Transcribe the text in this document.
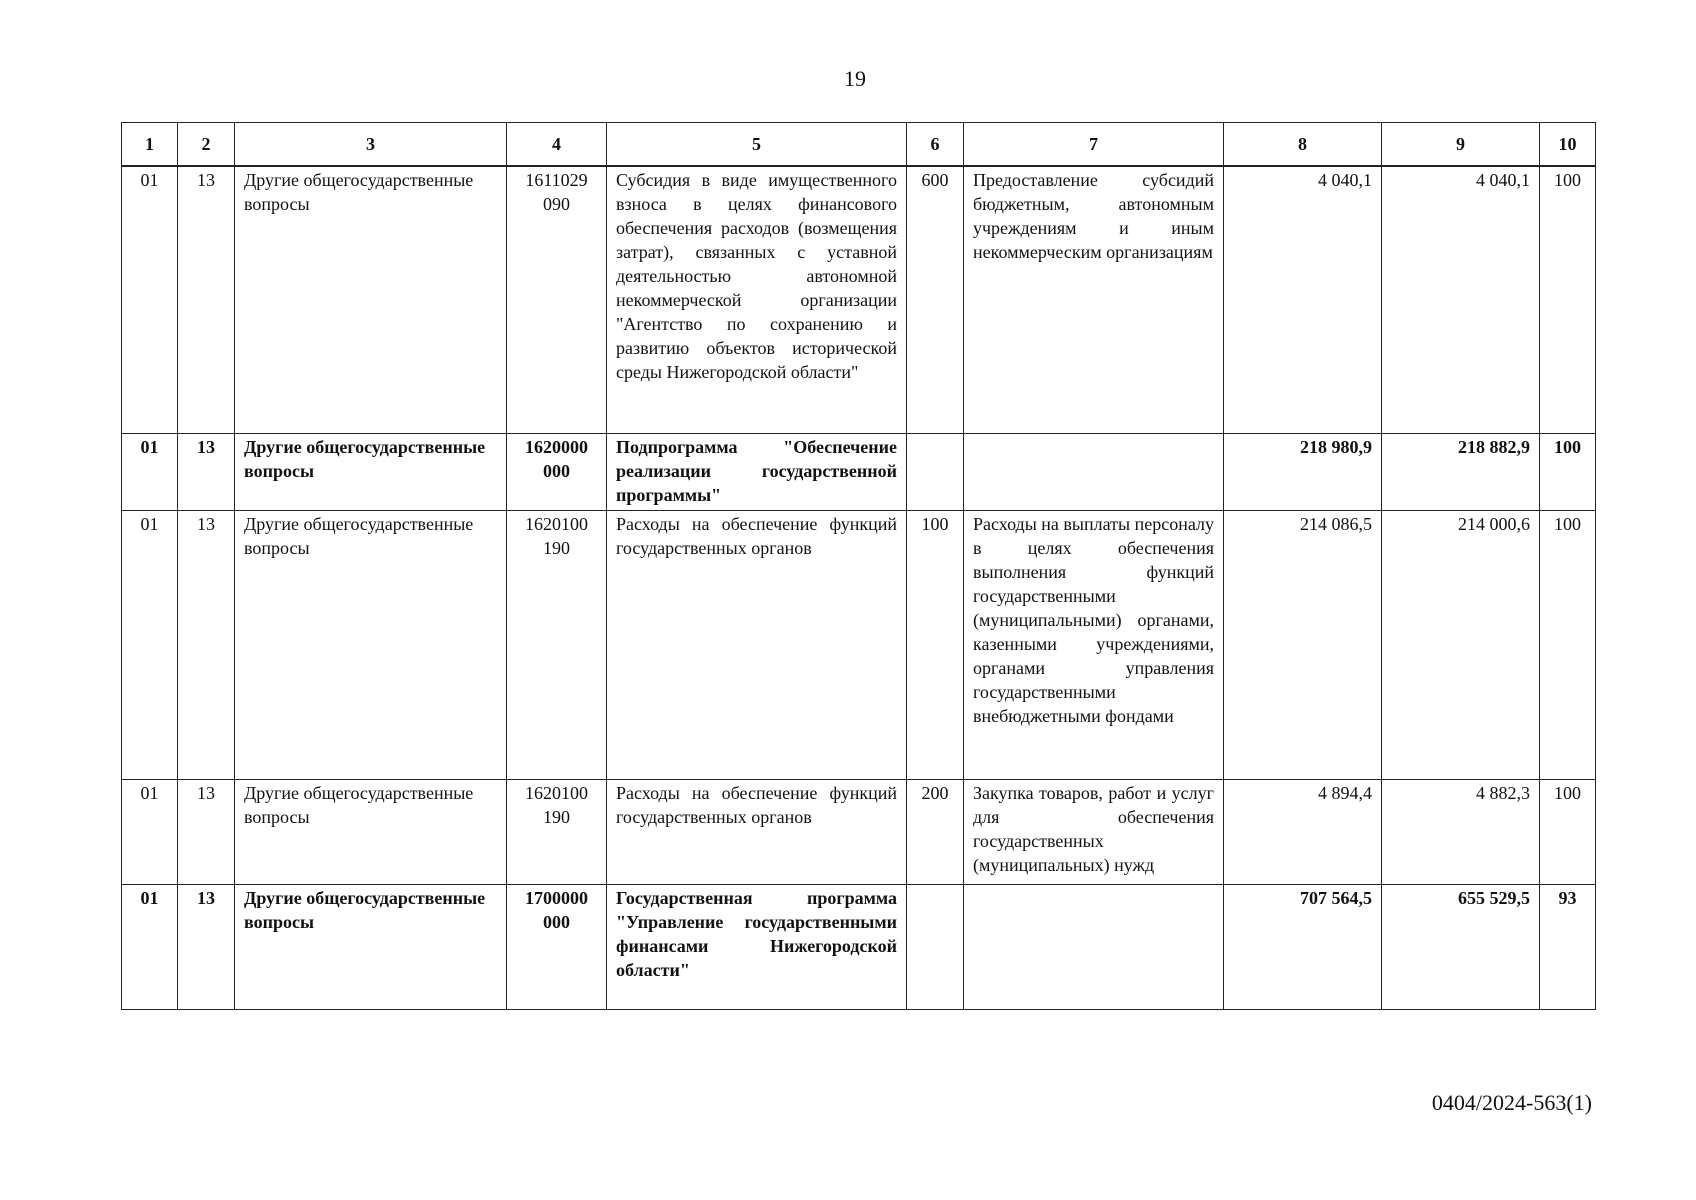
19
1	2	3	4	5	6	7	8	9	10
01	13	Другие общегосударственные вопросы	1611029 090	Субсидия в виде имущественного взноса в целях финансового обеспечения расходов (возмещения затрат), связанных с уставной деятельностью автономной некоммерческой организации "Агентство по сохранению и развитию объектов исторической среды Нижегородской области"	600	Предоставление субсидий бюджетным, автономным учреждениям и иным некоммерческим организациям	4 040,1	4 040,1	100
01	13	Другие общегосударственные вопросы	1620000 000	Подпрограмма "Обеспечение реализации государственной программы"			218 980,9	218 882,9	100
01	13	Другие общегосударственные вопросы	1620100 190	Расходы на обеспечение функций государственных органов	100	Расходы на выплаты персоналу в целях обеспечения выполнения функций государственными (муниципальными) органами, казенными учреждениями, органами управления государственными внебюджетными фондами	214 086,5	214 000,6	100
01	13	Другие общегосударственные вопросы	1620100 190	Расходы на обеспечение функций государственных органов	200	Закупка товаров, работ и услуг для обеспечения государственных (муниципальных) нужд	4 894,4	4 882,3	100
01	13	Другие общегосударственные вопросы	1700000 000	Государственная программа "Управление государственными финансами Нижегородской области"			707 564,5	655 529,5	93
0404/2024-563(1)
